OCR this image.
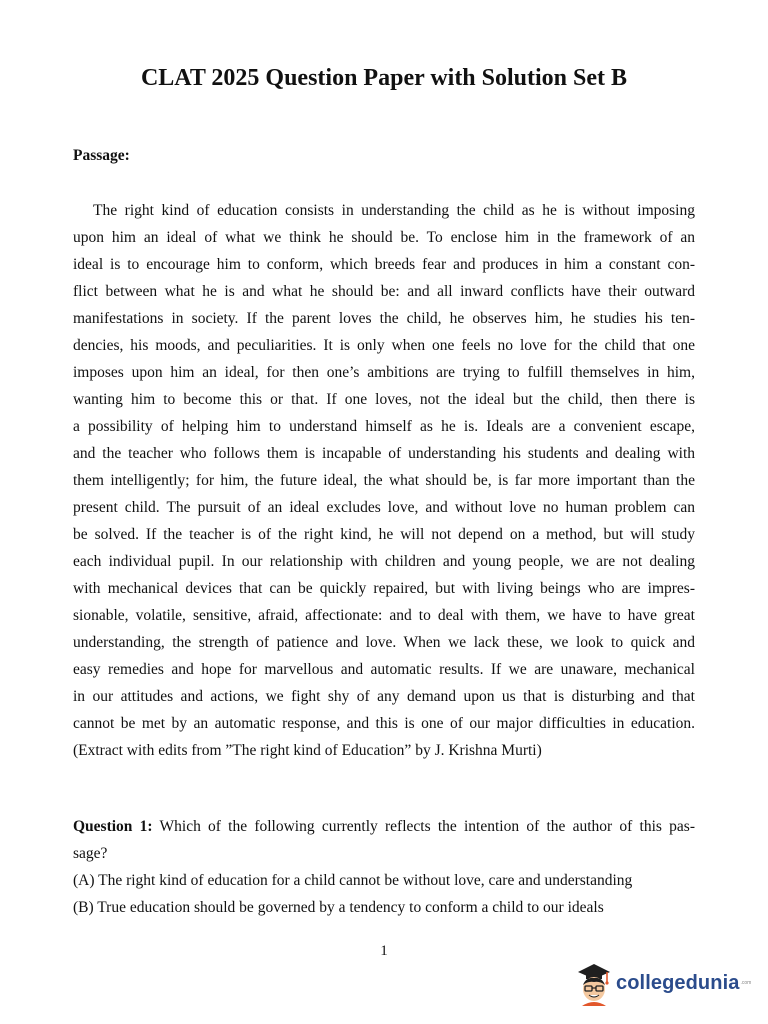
CLAT 2025 Question Paper with Solution Set B
Passage:
The right kind of education consists in understanding the child as he is without imposing
upon him an ideal of what we think he should be. To enclose him in the framework of an
ideal is to encourage him to conform, which breeds fear and produces in him a constant con-
flict between what he is and what he should be: and all inward conflicts have their outward
manifestations in society. If the parent loves the child, he observes him, he studies his ten-
dencies, his moods, and peculiarities. It is only when one feels no love for the child that one
imposes upon him an ideal, for then one’s ambitions are trying to fulfill themselves in him,
wanting him to become this or that. If one loves, not the ideal but the child, then there is
a possibility of helping him to understand himself as he is. Ideals are a convenient escape,
and the teacher who follows them is incapable of understanding his students and dealing with
them intelligently; for him, the future ideal, the what should be, is far more important than the
present child. The pursuit of an ideal excludes love, and without love no human problem can
be solved. If the teacher is of the right kind, he will not depend on a method, but will study
each individual pupil. In our relationship with children and young people, we are not dealing
with mechanical devices that can be quickly repaired, but with living beings who are impres-
sionable, volatile, sensitive, afraid, affectionate: and to deal with them, we have to have great
understanding, the strength of patience and love. When we lack these, we look to quick and
easy remedies and hope for marvellous and automatic results. If we are unaware, mechanical
in our attitudes and actions, we fight shy of any demand upon us that is disturbing and that
cannot be met by an automatic response, and this is one of our major difficulties in education.
(Extract with edits from ”The right kind of Education” by J. Krishna Murti)
Question 1: Which of the following currently reflects the intention of the author of this pas-
sage?
(A) The right kind of education for a child cannot be without love, care and understanding
(B) True education should be governed by a tendency to conform a child to our ideals
1
collegedunia .com
